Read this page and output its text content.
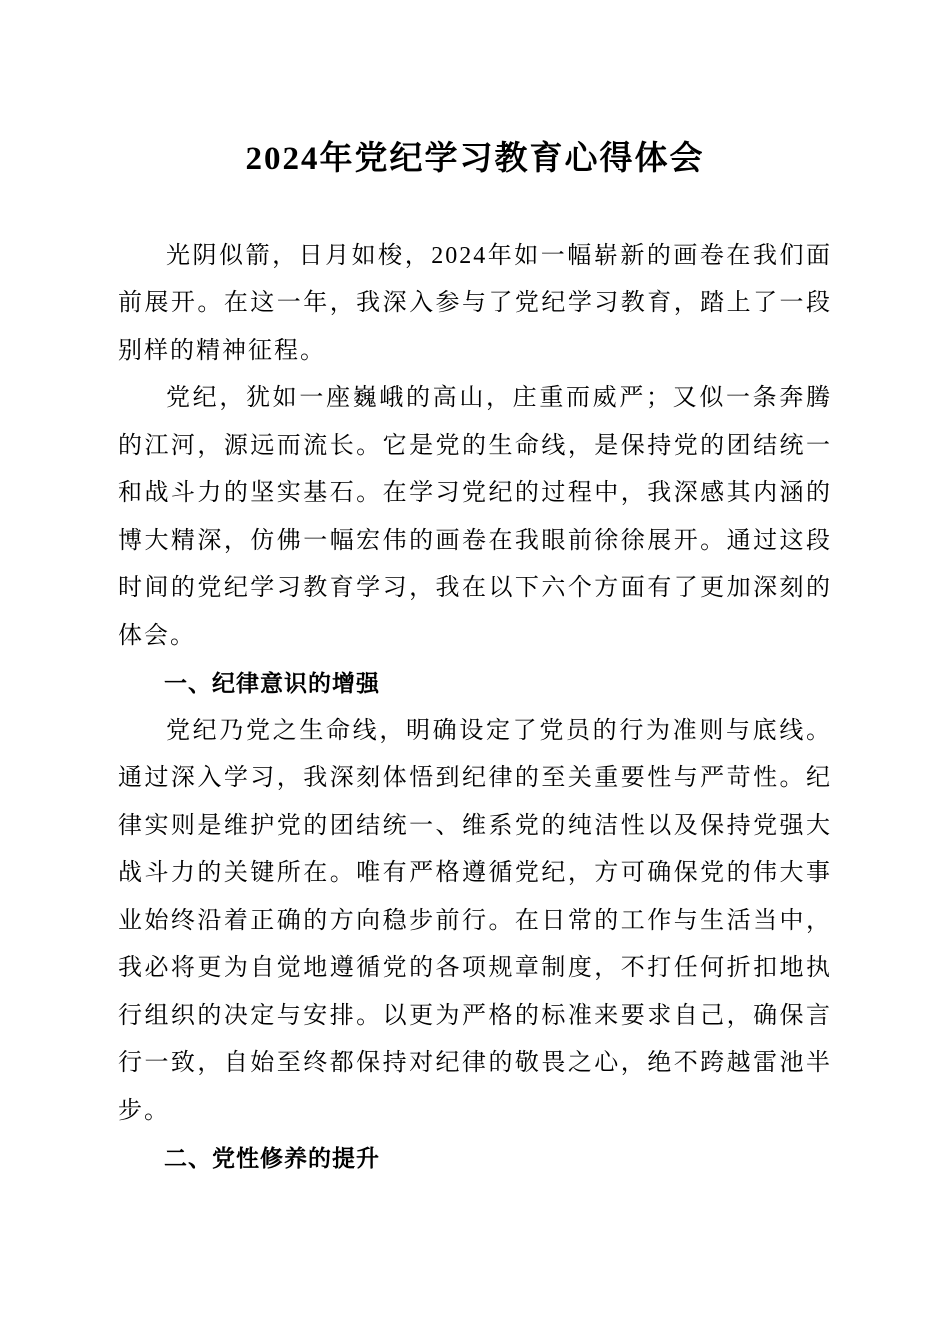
2024年党纪学习教育心得体会

光阴似箭，日月如梭，2024年如一幅崭新的画卷在我们面前展开。在这一年，我深入参与了党纪学习教育，踏上了一段别样的精神征程。

党纪，犹如一座巍峨的高山，庄重而威严；又似一条奔腾的江河，源远而流长。它是党的生命线，是保持党的团结统一和战斗力的坚实基石。在学习党纪的过程中，我深感其内涵的博大精深，仿佛一幅宏伟的画卷在我眼前徐徐展开。通过这段时间的党纪学习教育学习，我在以下六个方面有了更加深刻的体会。

一、纪律意识的增强

党纪乃党之生命线，明确设定了党员的行为准则与底线。通过深入学习，我深刻体悟到纪律的至关重要性与严苛性。纪律实则是维护党的团结统一、维系党的纯洁性以及保持党强大战斗力的关键所在。唯有严格遵循党纪，方可确保党的伟大事业始终沿着正确的方向稳步前行。在日常的工作与生活当中，我必将更为自觉地遵循党的各项规章制度，不打任何折扣地执行组织的决定与安排。以更为严格的标准来要求自己，确保言行一致，自始至终都保持对纪律的敬畏之心，绝不跨越雷池半步。

二、党性修养的提升
